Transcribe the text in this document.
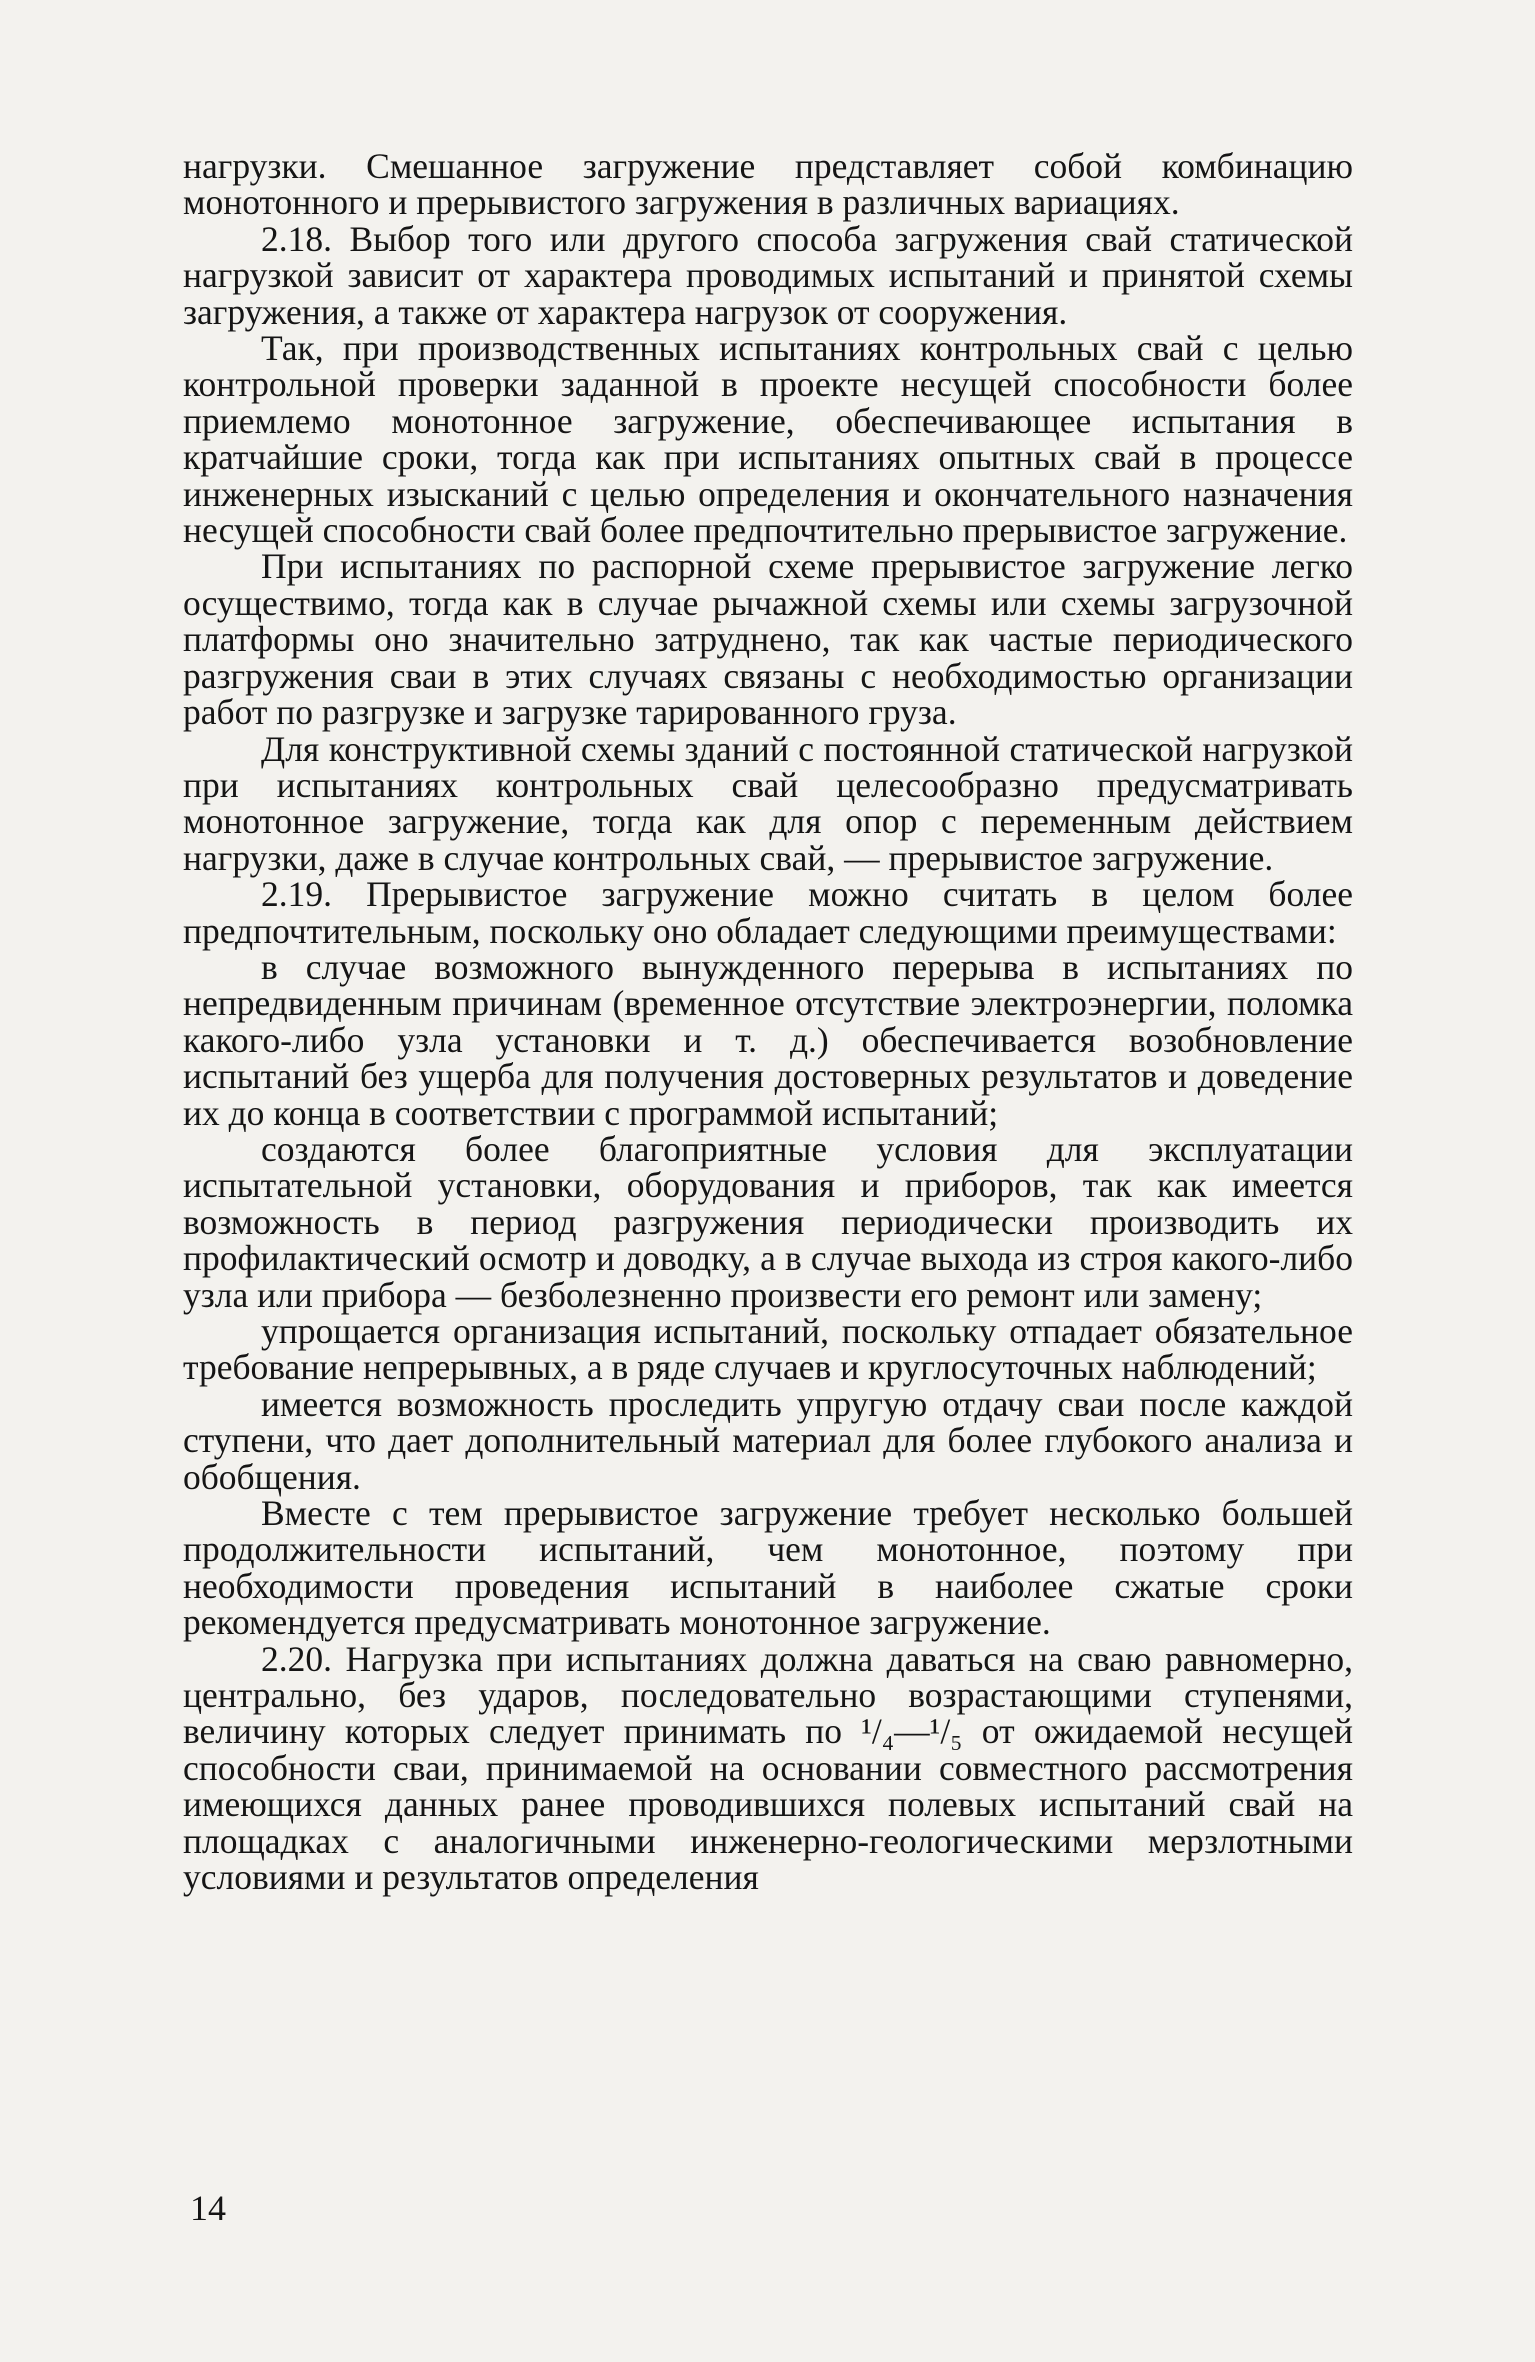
нагрузки. Смешанное загружение представляет собой комбинацию монотонного и прерывистого загружения в различных вариациях.

2.18. Выбор того или другого способа загружения свай статической нагрузкой зависит от характера проводимых испытаний и принятой схемы загружения, а также от характера нагрузок от сооружения.

Так, при производственных испытаниях контрольных свай с целью контрольной проверки заданной в проекте несущей способности более приемлемо монотонное загружение, обеспечивающее испытания в кратчайшие сроки, тогда как при испытаниях опытных свай в процессе инженерных изысканий с целью определения и окончательного назначения несущей способности свай более предпочтительно прерывистое загружение.

При испытаниях по распорной схеме прерывистое загружение легко осуществимо, тогда как в случае рычажной схемы или схемы загрузочной платформы оно значительно затруднено, так как частые периодического разгружения сваи в этих случаях связаны с необходимостью организации работ по разгрузке и загрузке тарированного груза.

Для конструктивной схемы зданий с постоянной статической нагрузкой при испытаниях контрольных свай целесообразно предусматривать монотонное загружение, тогда как для опор с переменным действием нагрузки, даже в случае контрольных свай, — прерывистое загружение.

2.19. Прерывистое загружение можно считать в целом более предпочтительным, поскольку оно обладает следующими преимуществами:

в случае возможного вынужденного перерыва в испытаниях по непредвиденным причинам (временное отсутствие электроэнергии, поломка какого-либо узла установки и т. д.) обеспечивается возобновление испытаний без ущерба для получения достоверных результатов и доведение их до конца в соответствии с программой испытаний;

создаются более благоприятные условия для эксплуатации испытательной установки, оборудования и приборов, так как имеется возможность в период разгружения периодически производить их профилактический осмотр и доводку, а в случае выхода из строя какого-либо узла или прибора — безболезненно произвести его ремонт или замену;

упрощается организация испытаний, поскольку отпадает обязательное требование непрерывных, а в ряде случаев и круглосуточных наблюдений;

имеется возможность проследить упругую отдачу сваи после каждой ступени, что дает дополнительный материал для более глубокого анализа и обобщения.

Вместе с тем прерывистое загружение требует несколько большей продолжительности испытаний, чем монотонное, поэтому при необходимости проведения испытаний в наиболее сжатые сроки рекомендуется предусматривать монотонное загружение.

2.20. Нагрузка при испытаниях должна даваться на сваю равномерно, центрально, без ударов, последовательно возрастающими ступенями, величину которых следует принимать по ¹/₄—¹/₅ от ожидаемой несущей способности сваи, принимаемой на основании совместного рассмотрения имеющихся данных ранее проводившихся полевых испытаний свай на площадках с аналогичными инженерно-геологическими мерзлотными условиями и результатов определения

14
